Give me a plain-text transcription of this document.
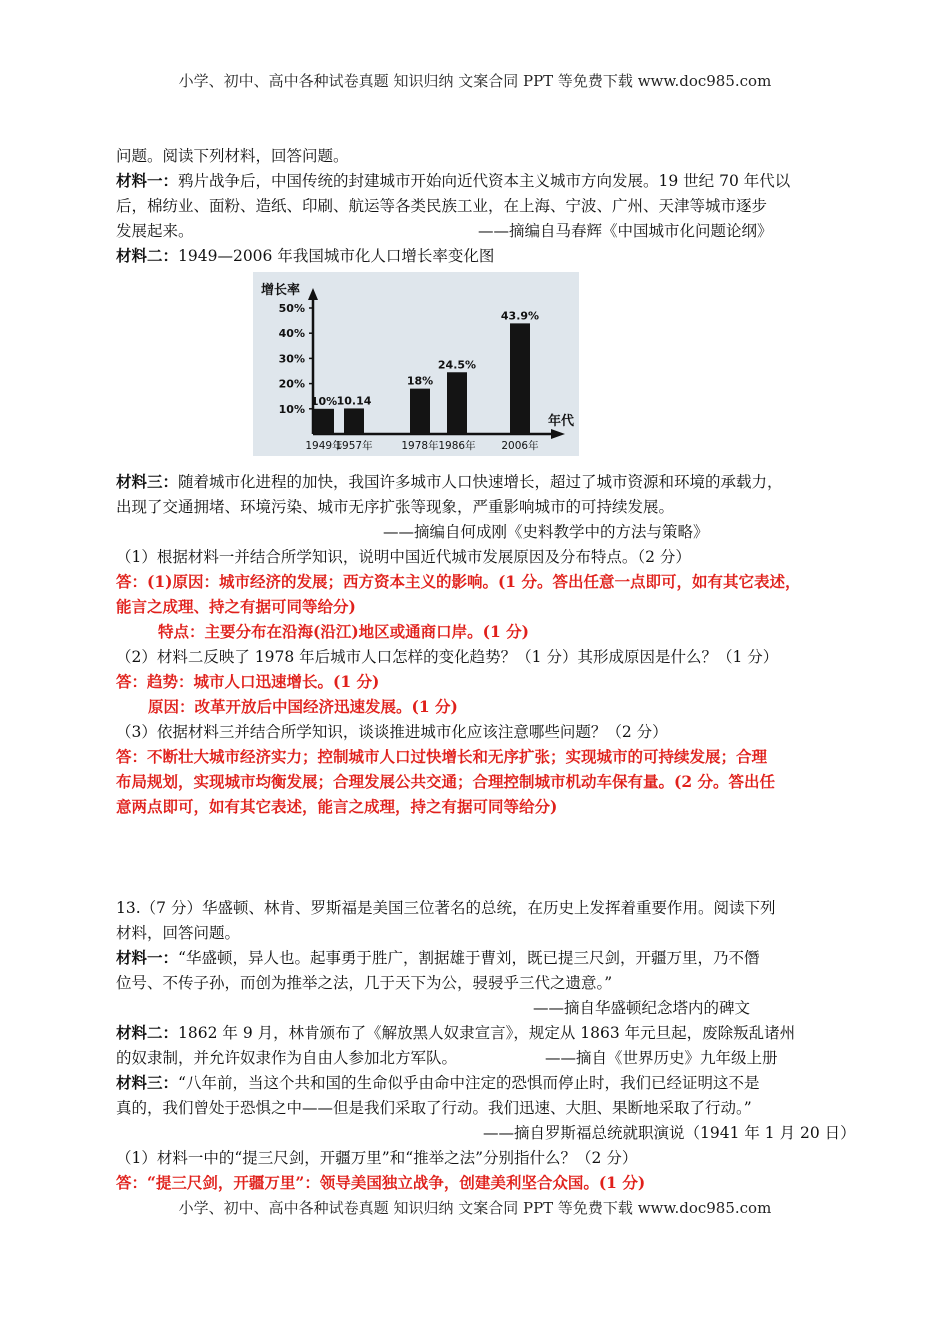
小学、初中、高中各种试卷真题 知识归纳 文案合同 PPT 等免费下载 www.doc985.com
问题。阅读下列材料，回答问题。
材料一：鸦片战争后，中国传统的封建城市开始向近代资本主义城市方向发展。19 世纪 70 年代以
后，棉纺业、面粉、造纸、印刷、航运等各类民族工业，在上海、宁波、广州、天津等城市逐步
发展起来。	——摘编自马春辉《中国城市化问题论纲》
材料二：1949—2006 年我国城市化人口增长率变化图
增长率
年代
10%
20%
30%
40%
50%
10%
1949年
10.14
1957年
18%
1978年
24.5%
1986年
43.9%
2006年
材料三：随着城市化进程的加快，我国许多城市人口快速增长，超过了城市资源和环境的承载力，
出现了交通拥堵、环境污染、城市无序扩张等现象，严重影响城市的可持续发展。
——摘编自何成刚《史料教学中的方法与策略》
（1）根据材料一并结合所学知识，说明中国近代城市发展原因及分布特点。（2 分）
答：(1)原因：城市经济的发展；西方资本主义的影响。(1 分。答出任意一点即可，如有其它表述，
能言之成理、持之有据可同等给分)
特点：主要分布在沿海(沿江)地区或通商口岸。(1 分)
（2）材料二反映了 1978 年后城市人口怎样的变化趋势？（1 分）其形成原因是什么？（1 分）
答：趋势：城市人口迅速增长。(1 分)
原因：改革开放后中国经济迅速发展。(1 分)
（3）依据材料三并结合所学知识，谈谈推进城市化应该注意哪些问题？（2 分）
答：不断壮大城市经济实力；控制城市人口过快增长和无序扩张；实现城市的可持续发展；合理
布局规划，实现城市均衡发展；合理发展公共交通；合理控制城市机动车保有量。(2 分。答出任
意两点即可，如有其它表述，能言之成理，持之有据可同等给分)
13.（7 分）华盛顿、林肯、罗斯福是美国三位著名的总统，在历史上发挥着重要作用。阅读下列
材料，回答问题。
材料一：“华盛顿，异人也。起事勇于胜广，割据雄于曹刘，既已提三尺剑，开疆万里，乃不僭
位号、不传子孙，而创为推举之法，几于天下为公，骎骎乎三代之遗意。”
——摘自华盛顿纪念塔内的碑文
材料二：1862 年 9 月，林肯颁布了《解放黑人奴隶宣言》，规定从 1863 年元旦起，废除叛乱诸州
的奴隶制，并允许奴隶作为自由人参加北方军队。	——摘自《世界历史》九年级上册
材料三：“八年前，当这个共和国的生命似乎由命中注定的恐惧而停止时，我们已经证明这不是
真的，我们曾处于恐惧之中——但是我们采取了行动。我们迅速、大胆、果断地采取了行动。”
——摘自罗斯福总统就职演说（1941 年 1 月 20 日）
（1）材料一中的“提三尺剑，开疆万里”和“推举之法”分别指什么？（2 分）
答：“提三尺剑，开疆万里”：领导美国独立战争，创建美利坚合众国。(1 分)
小学、初中、高中各种试卷真题 知识归纳 文案合同 PPT 等免费下载 www.doc985.com
